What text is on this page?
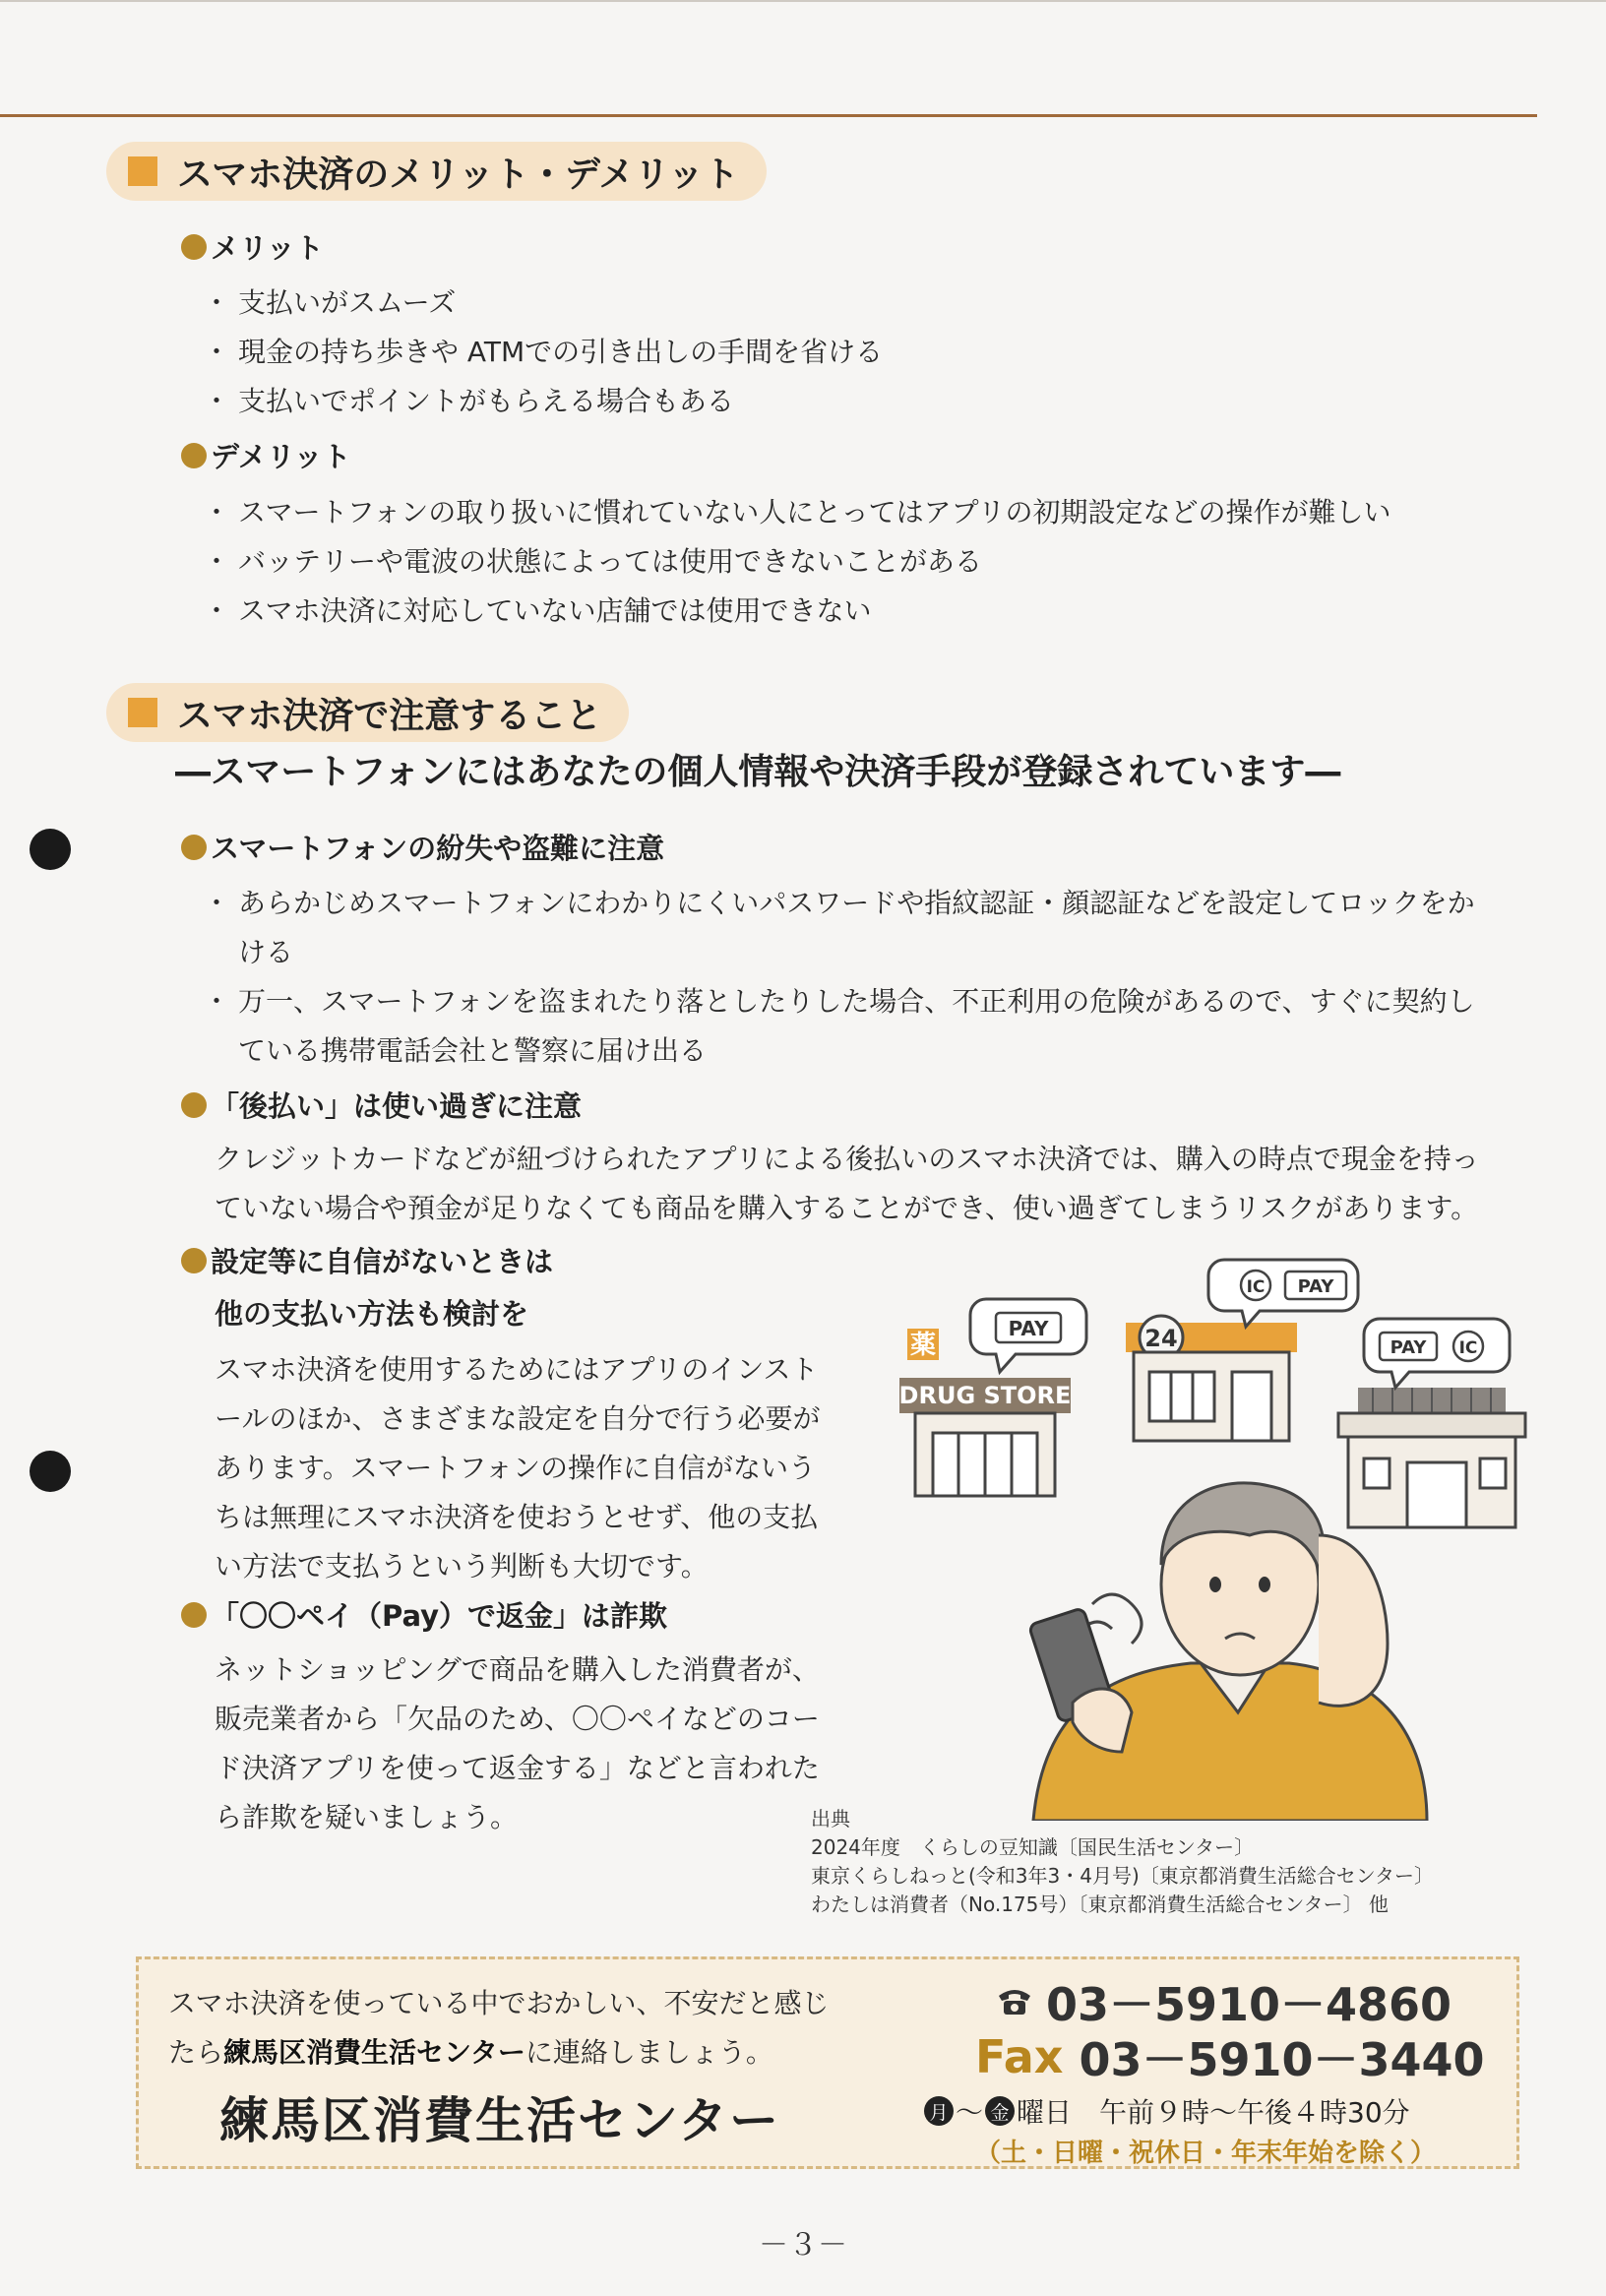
スマホ決済のメリット・デメリット
メリット
・ 支払いがスムーズ
・ 現金の持ち歩きや ATMでの引き出しの手間を省ける
・ 支払いでポイントがもらえる場合もある
デメリット
・ スマートフォンの取り扱いに慣れていない人にとってはアプリの初期設定などの操作が難しい
・ バッテリーや電波の状態によっては使用できないことがある
・ スマホ決済に対応していない店舗では使用できない
スマホ決済で注意すること
―スマートフォンにはあなたの個人情報や決済手段が登録されています―
スマートフォンの紛失や盗難に注意
・ あらかじめスマートフォンにわかりにくいパスワードや指紋認証・顔認証などを設定してロックをかける
・ 万一、スマートフォンを盗まれたり落としたりした場合、不正利用の危険があるので、すぐに契約している携帯電話会社と警察に届け出る
「後払い」は使い過ぎに注意
クレジットカードなどが紐づけられたアプリによる後払いのスマホ決済では、購入の時点で現金を持っていない場合や預金が足りなくても商品を購入することができ、使い過ぎてしまうリスクがあります。
設定等に自信がないときは
他の支払い方法も検討を
スマホ決済を使用するためにはアプリのインストールのほか、さまざまな設定を自分で行う必要があります。スマートフォンの操作に自信がないうちは無理にスマホ決済を使おうとせず、他の支払い方法で支払うという判断も大切です。
「〇〇ペイ（Pay）で返金」は詐欺
ネットショッピングで商品を購入した消費者が、販売業者から「欠品のため、〇〇ペイなどのコード決済アプリを使って返金する」などと言われたら詐欺を疑いましょう。
薬
DRUG STORE
PAY	24
IC PAY
PAY IC
出典
2024年度　くらしの豆知識〔国民生活センター〕
東京くらしねっと(令和3年3・4月号)〔東京都消費生活総合センター〕
わたしは消費者（No.175号）〔東京都消費生活総合センター〕 他
スマホ決済を使っている中でおかしい、不安だと感じ
たら練馬区消費生活センターに連絡しましょう。
練馬区消費生活センター
03－5910－4860
Fax 03－5910－3440
月 ～ 金 曜日　午前９時～午後４時30分
（土・日曜・祝休日・年末年始を除く）
－３－
